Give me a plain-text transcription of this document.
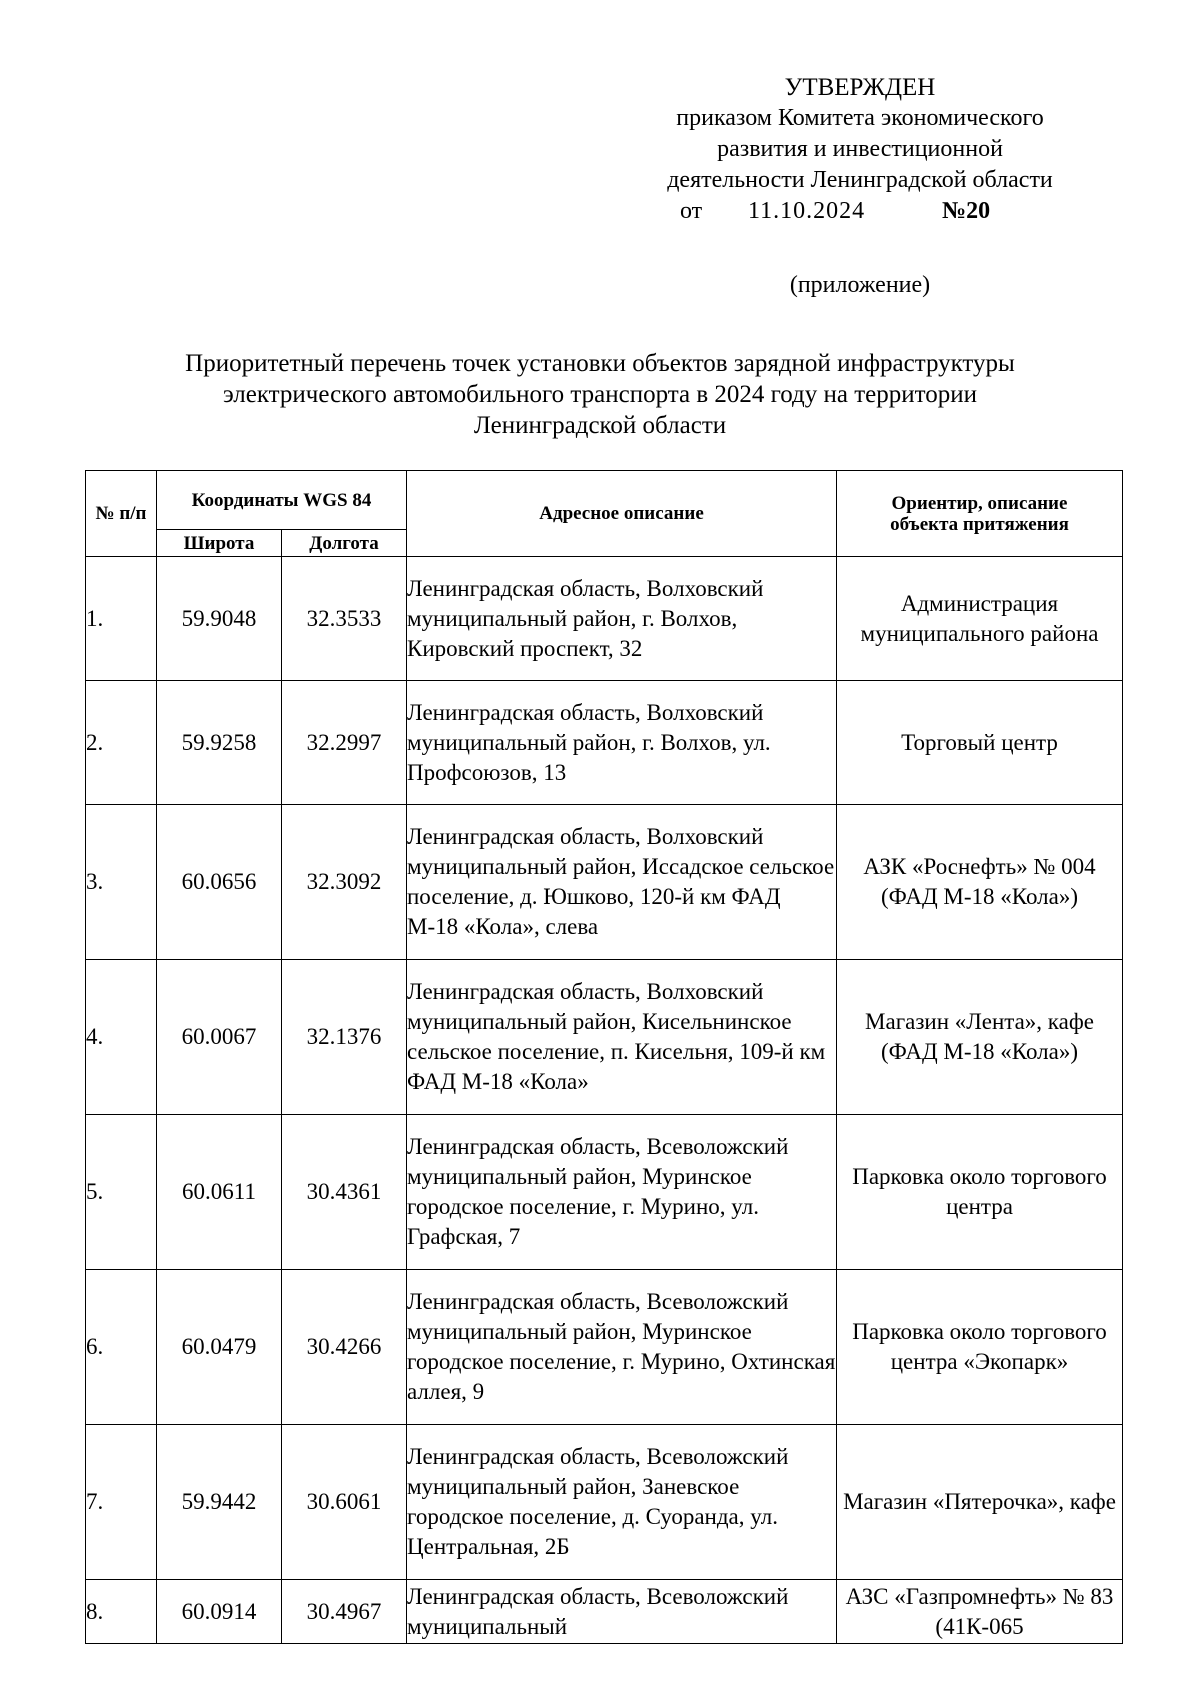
УТВЕРЖДЕН
приказом Комитета экономического
развития и инвестиционной
деятельности Ленинградской области
от 11.10.2024	№20
(приложение)
Приоритетный перечень точек установки объектов зарядной инфраструктуры
электрического автомобильного транспорта в 2024 году на территории
Ленинградской области
№ п/п	Координаты WGS 84		Адресное описание	Ориентир, описание объекта притяжения
	Широта	Долгота		
1.	59.9048	32.3533	Ленинградская область, Волховский муниципальный район, г. Волхов, Кировский проспект, 32	Администрация муниципального района
2.	59.9258	32.2997	Ленинградская область, Волховский муниципальный район, г. Волхов, ул. Профсоюзов, 13	Торговый центр
3.	60.0656	32.3092	Ленинградская область, Волховский муниципальный район, Иссадское сельское поселение, д. Юшково, 120-й км ФАД М-18 «Кола», слева	АЗК «Роснефть» № 004 (ФАД М-18 «Кола»)
4.	60.0067	32.1376	Ленинградская область, Волховский муниципальный район, Кисельнинское сельское поселение, п. Кисельня, 109-й км ФАД М-18 «Кола»	Магазин «Лента», кафе (ФАД М-18 «Кола»)
5.	60.0611	30.4361	Ленинградская область, Всеволожский муниципальный район, Муринское городское поселение, г. Мурино, ул. Графская, 7	Парковка около торгового центра
6.	60.0479	30.4266	Ленинградская область, Всеволожский муниципальный район, Муринское городское поселение, г. Мурино, Охтинская аллея, 9	Парковка около торгового центра «Экопарк»
7.	59.9442	30.6061	Ленинградская область, Всеволожский муниципальный район, Заневское городское поселение, д. Суоранда, ул. Центральная, 2Б	Магазин «Пятерочка», кафе
8.	60.0914	30.4967	Ленинградская область, Всеволожский муниципальный	АЗС «Газпромнефть» № 83 (41К-065
